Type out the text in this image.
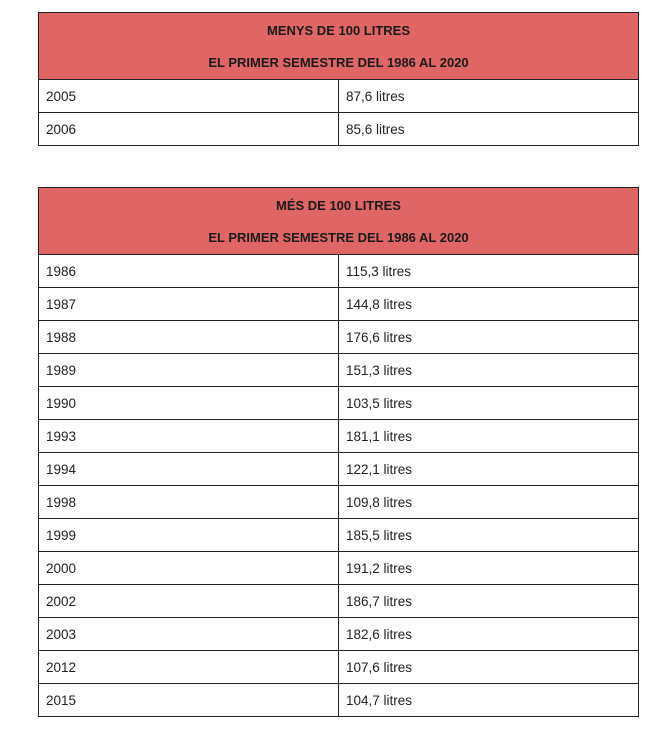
MENYS DE 100 LITRES
EL PRIMER SEMESTRE DEL 1986 AL 2020	

2005	87,6 litres
2006	85,6 litres
MÉS DE 100 LITRES
EL PRIMER SEMESTRE DEL 1986 AL 2020	

1986	115,3 litres
1987	144,8 litres
1988	176,6 litres
1989	151,3 litres
1990	103,5 litres
1993	181,1 litres
1994	122,1 litres
1998	109,8 litres
1999	185,5 litres
2000	191,2 litres
2002	186,7 litres
2003	182,6 litres
2012	107,6 litres
2015	104,7 litres
